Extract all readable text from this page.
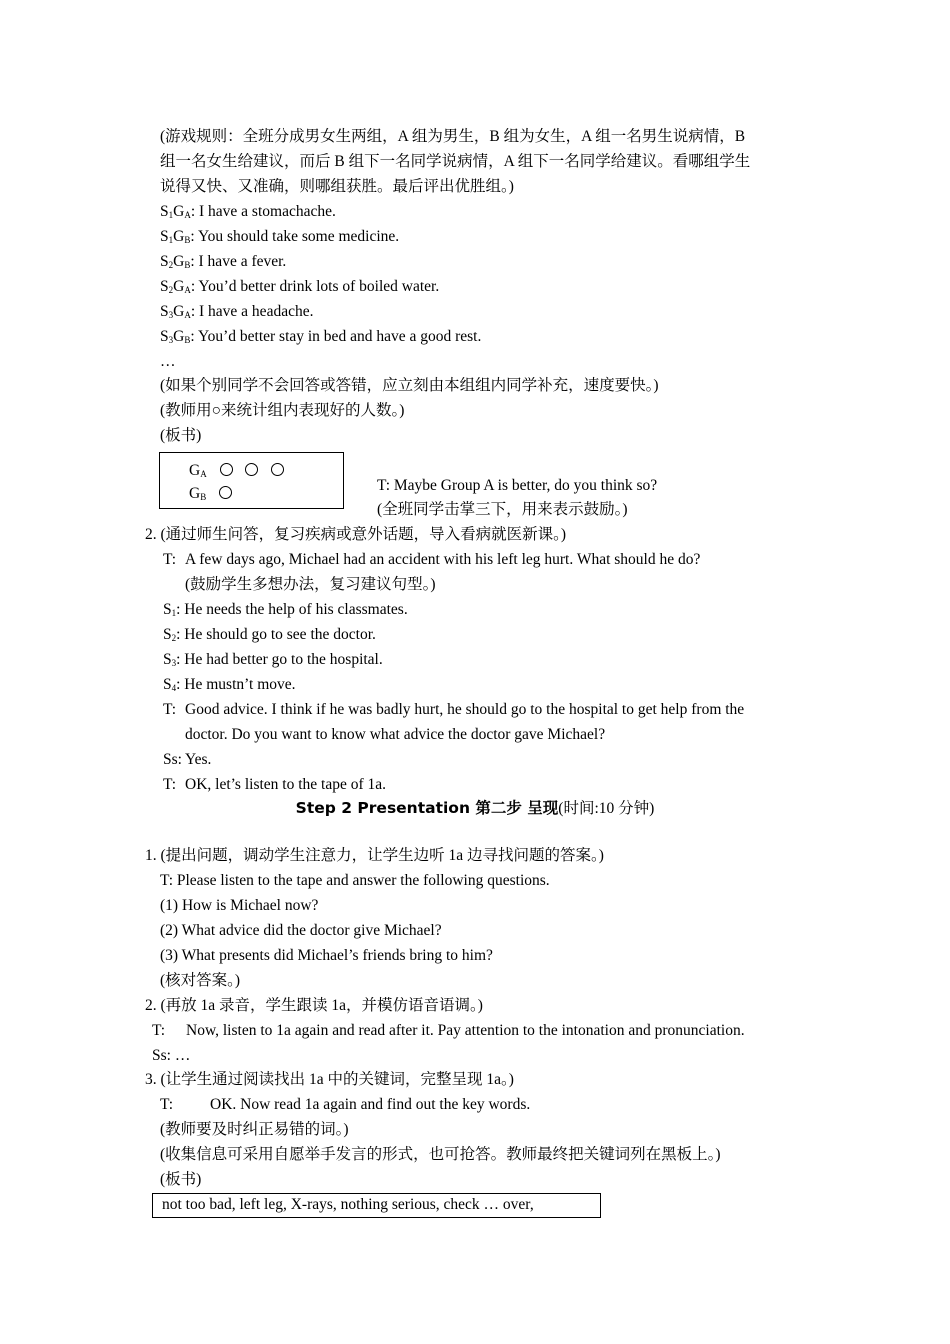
(游戏规则：全班分成男女生两组，A 组为男生，B 组为女生，A 组一名男生说病情，B
组一名女生给建议，而后 B 组下一名同学说病情，A 组下一名同学给建议。看哪组学生
说得又快、又准确，则哪组获胜。最后评出优胜组。)
$S_1G_A$: I have a stomachache.
$S_1G_B$: You should take some medicine.
$S_2G_B$: I have a fever.
$S_2G_A$: You’d better drink lots of boiled water.
$S_3G_A$: I have a headache.
$S_3G_B$: You’d better stay in bed and have a good rest.
…
(如果个别同学不会回答或答错，应立刻由本组组内同学补充，速度要快。)
(教师用○来统计组内表现好的人数。)
(板书)
$G_A$
$G_B$
T: Maybe Group A is better, do you think so?
(全班同学击掌三下，用来表示鼓励。)
2. (通过师生问答，复习疾病或意外话题，导入看病就医新课。)
T: A few days ago, Michael had an accident with his left leg hurt. What should he do?
(鼓励学生多想办法，复习建议句型。)
$S_1$: He needs the help of his classmates.
$S_2$: He should go to see the doctor.
$S_3$: He had better go to the hospital.
$S_4$: He mustn’t move.
T: Good advice. I think if he was badly hurt, he should go to the hospital to get help from the
doctor. Do you want to know what advice the doctor gave Michael?
Ss: Yes.
T: OK, let’s listen to the tape of 1a.
Step 2 Presentation 第二步 呈现(时间:10 分钟)
1. (提出问题，调动学生注意力，让学生边听 1a 边寻找问题的答案。)
T: Please listen to the tape and answer the following questions.
(1) How is Michael now?
(2) What advice did the doctor give Michael?
(3) What presents did Michael’s friends bring to him?
(核对答案。)
2. (再放 1a 录音，学生跟读 1a，并模仿语音语调。)
T: Now, listen to 1a again and read after it. Pay attention to the intonation and pronunciation.
Ss: …
3. (让学生通过阅读找出 1a 中的关键词，完整呈现 1a。)
T: OK. Now read 1a again and find out the key words.
(教师要及时纠正易错的词。)
(收集信息可采用自愿举手发言的形式，也可抢答。教师最终把关键词列在黑板上。)
(板书)
not too bad, left leg, X-rays, nothing serious, check … over,
